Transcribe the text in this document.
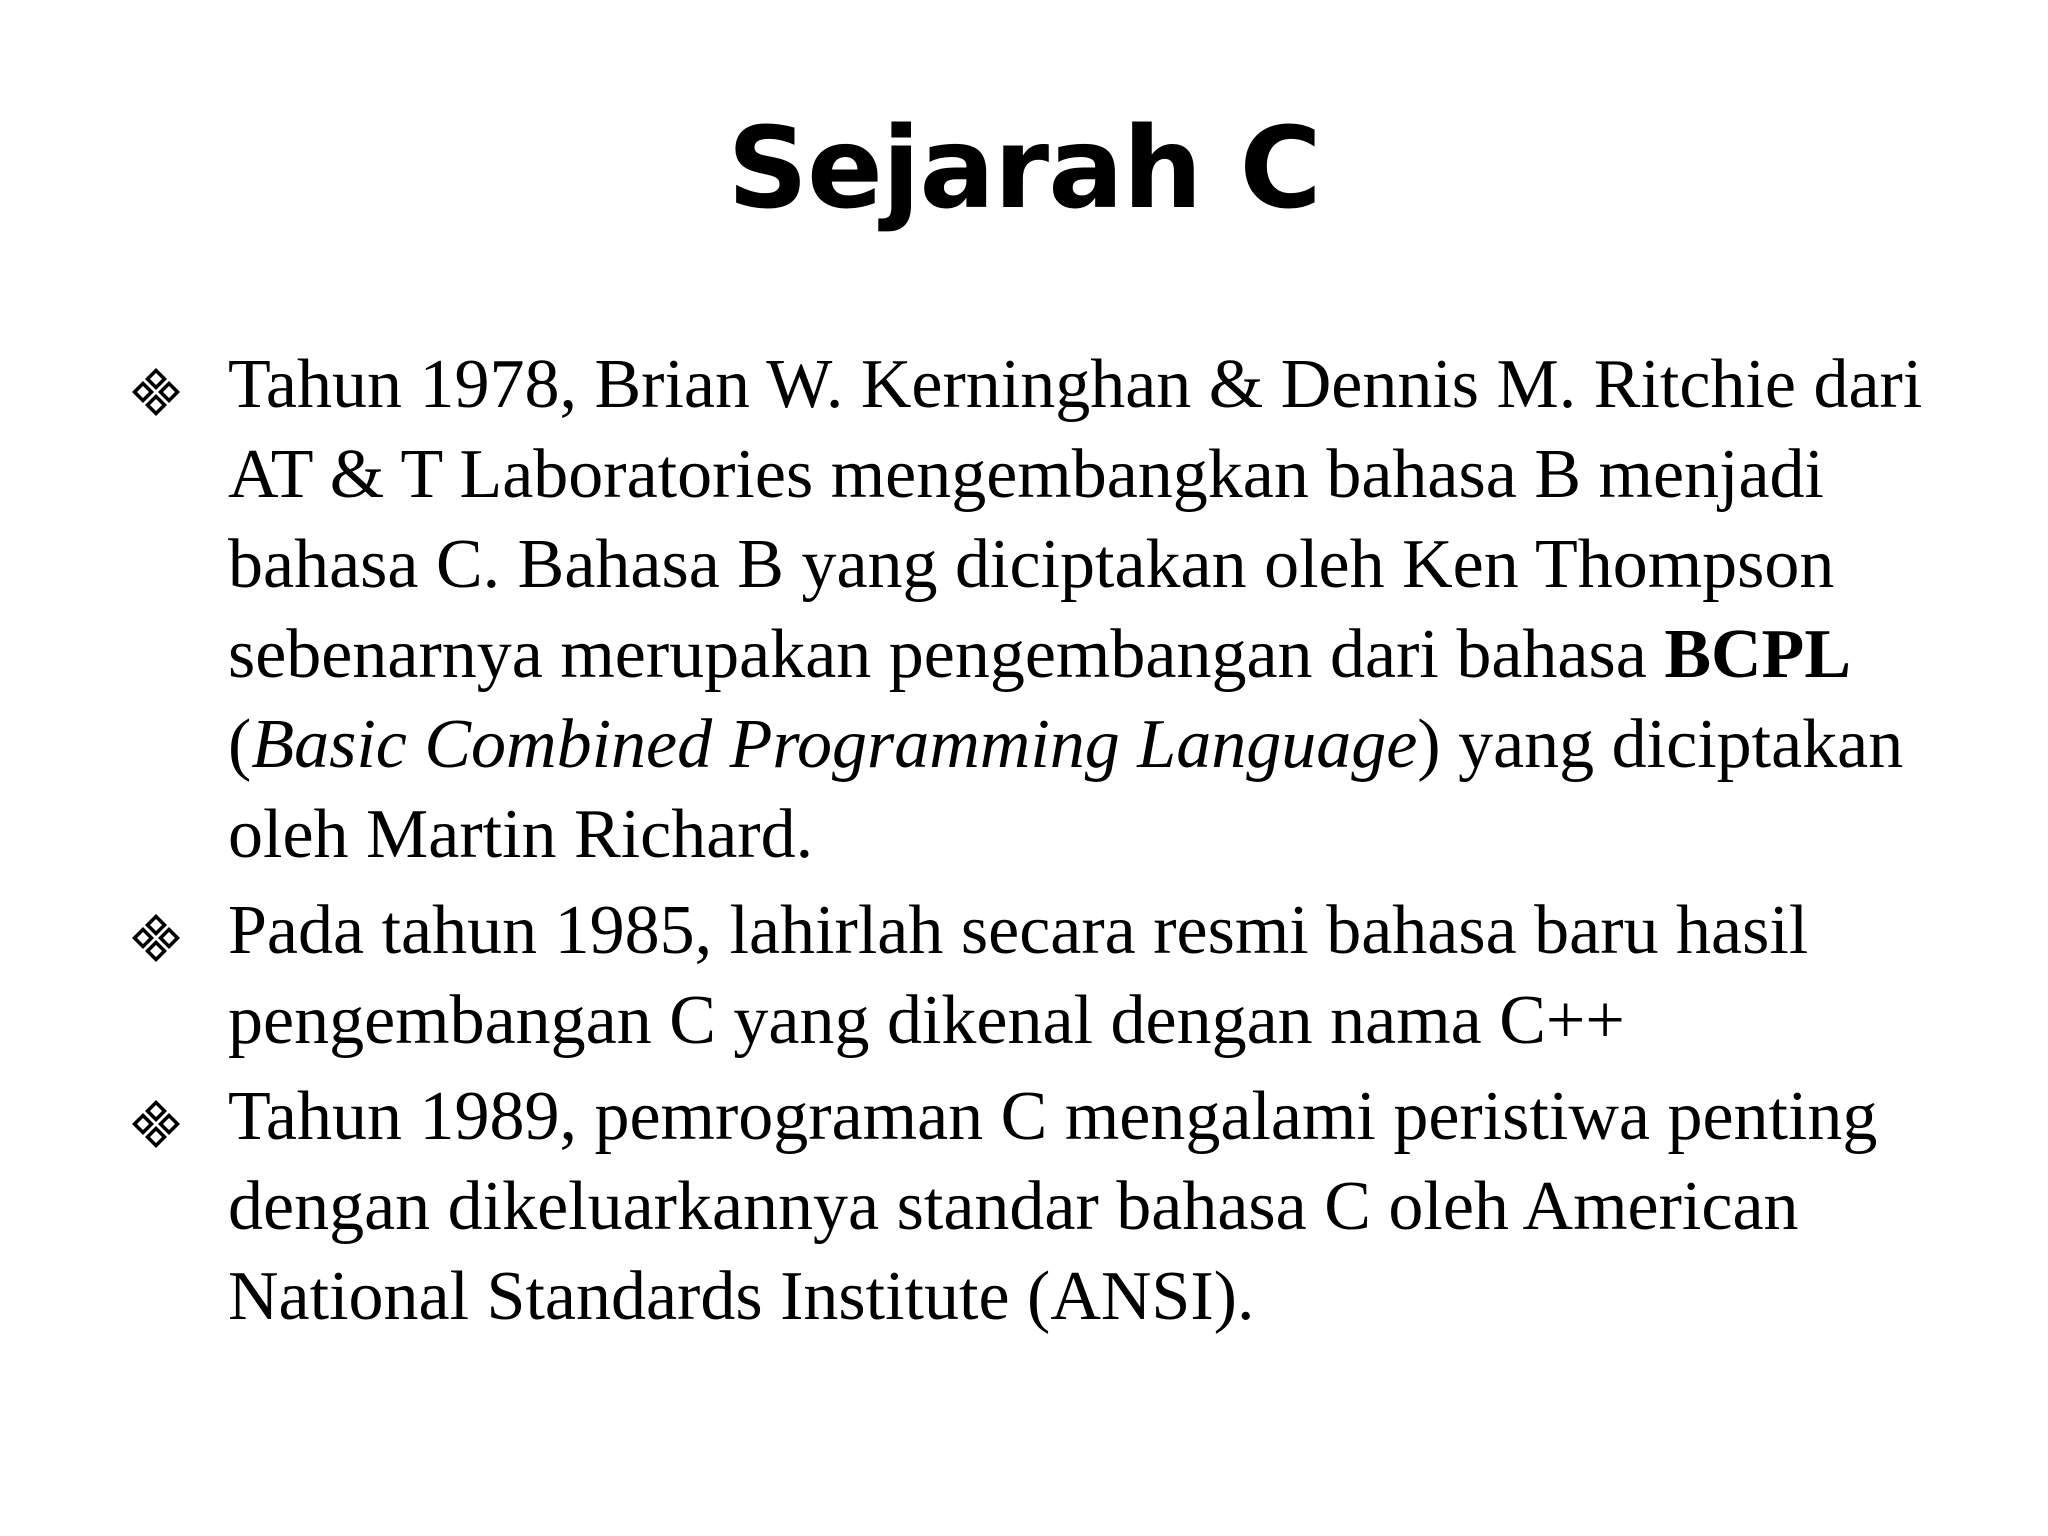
Sejarah C
Tahun 1978, Brian W. Kerninghan & Dennis M. Ritchie dari AT & T Laboratories mengembangkan bahasa B menjadi bahasa C. Bahasa B yang diciptakan oleh Ken Thompson sebenarnya merupakan pengembangan dari bahasa BCPL (Basic Combined Programming Language) yang diciptakan oleh Martin Richard.
Pada tahun 1985, lahirlah secara resmi bahasa baru hasil pengembangan C yang dikenal dengan nama C++
Tahun 1989, pemrograman C mengalami peristiwa penting dengan dikeluarkannya standar bahasa C oleh American National Standards Institute (ANSI).
